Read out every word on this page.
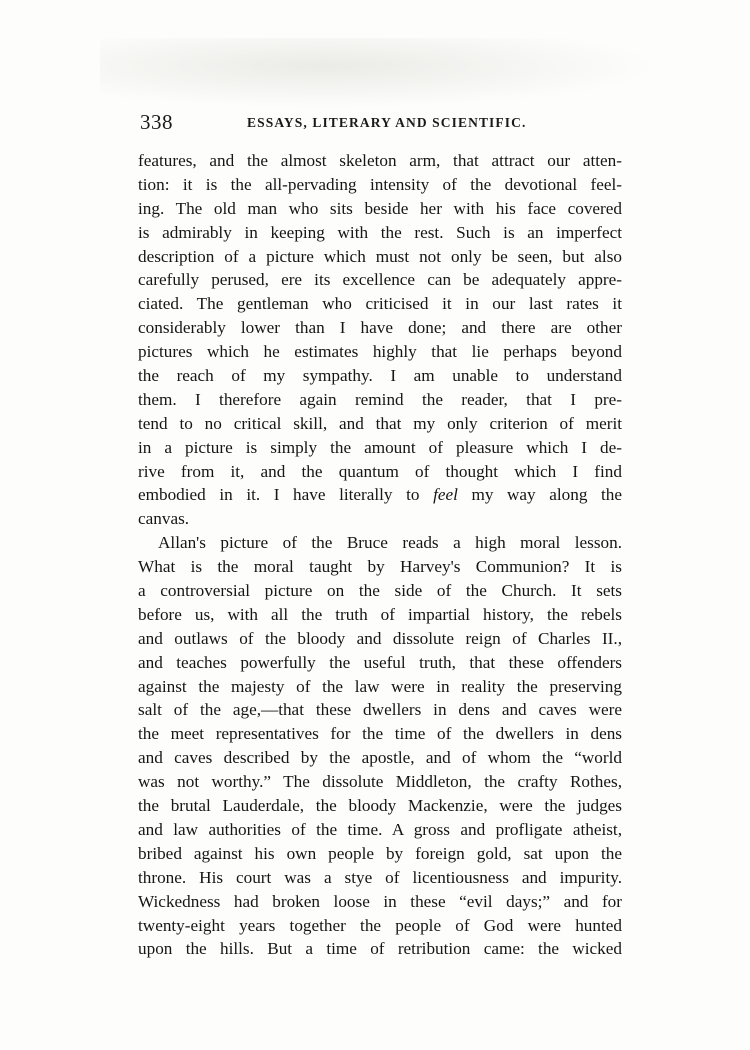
338	ESSAYS, LITERARY AND SCIENTIFIC.
features, and the almost skeleton arm, that attract our atten-
tion: it is the all-pervading intensity of the devotional feel-
ing. The old man who sits beside her with his face covered
is admirably in keeping with the rest. Such is an imperfect
description of a picture which must not only be seen, but also
carefully perused, ere its excellence can be adequately appre-
ciated. The gentleman who criticised it in our last rates it
considerably lower than I have done; and there are other
pictures which he estimates highly that lie perhaps beyond
the reach of my sympathy. I am unable to understand
them. I therefore again remind the reader, that I pre-
tend to no critical skill, and that my only criterion of merit
in a picture is simply the amount of pleasure which I de-
rive from it, and the quantum of thought which I find
embodied in it. I have literally to feel my way along the
canvas.
Allan's picture of the Bruce reads a high moral lesson.
What is the moral taught by Harvey's Communion? It is
a controversial picture on the side of the Church. It sets
before us, with all the truth of impartial history, the rebels
and outlaws of the bloody and dissolute reign of Charles II.,
and teaches powerfully the useful truth, that these offenders
against the majesty of the law were in reality the preserving
salt of the age,—that these dwellers in dens and caves were
the meet representatives for the time of the dwellers in dens
and caves described by the apostle, and of whom the “world
was not worthy.” The dissolute Middleton, the crafty Rothes,
the brutal Lauderdale, the bloody Mackenzie, were the judges
and law authorities of the time. A gross and profligate atheist,
bribed against his own people by foreign gold, sat upon the
throne. His court was a stye of licentiousness and impurity.
Wickedness had broken loose in these “evil days;” and for
twenty-eight years together the people of God were hunted
upon the hills. But a time of retribution came: the wicked
